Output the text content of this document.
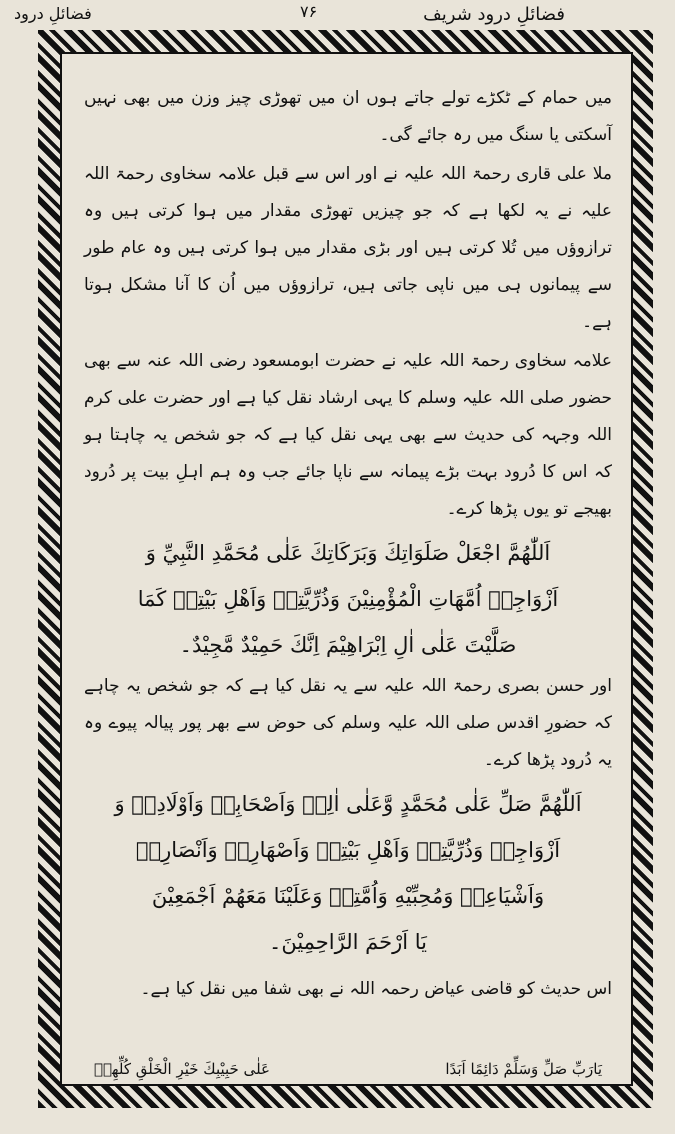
فضائلِ درود	۷۶	فضائلِ درود شریف

میں حمام کے ٹکڑے تولے جاتے ہوں ان میں تھوڑی چیز وزن میں بھی نہیں آسکتی یا سنگ میں رہ جائے گی۔

ملا علی قاری رحمۃ اللہ علیہ نے اور اس سے قبل علامہ سخاوی رحمۃ اللہ علیہ نے یہ لکھا ہے کہ جو چیزیں تھوڑی مقدار میں ہوا کرتی ہیں وہ ترازوؤں میں تُلا کرتی ہیں اور بڑی مقدار میں ہوا کرتی ہیں وہ عام طور سے پیمانوں ہی میں ناپی جاتی ہیں، ترازوؤں میں اُن کا آنا مشکل ہوتا ہے۔

علامہ سخاوی رحمۃ اللہ علیہ نے حضرت ابومسعود رضی اللہ عنہ سے بھی حضور صلی اللہ علیہ وسلم کا یہی ارشاد نقل کیا ہے اور حضرت علی کرم اللہ وجہہ کی حدیث سے بھی یہی نقل کیا ہے کہ جو شخص یہ چاہتا ہو کہ اس کا دُرود بہت بڑے پیمانہ سے ناپا جائے جب وہ ہم اہلِ بیت پر دُرود بھیجے تو یوں پڑھا کرے۔

اَللّٰهُمَّ اجْعَلْ صَلَوَاتِكَ وَبَرَكَاتِكَ عَلٰى مُحَمَّدِ النَّبِيِّ وَ

اَزْوَاجِهٖ اُمَّهَاتِ الْمُؤْمِنِيْنَ وَذُرِّيَّتِهٖ وَاَهْلِ بَيْتِهٖ كَمَا

صَلَّيْتَ عَلٰى اٰلِ اِبْرَاهِيْمَ اِنَّكَ حَمِيْدٌ مَّجِيْدٌ۔

اور حسن بصری رحمۃ اللہ علیہ سے یہ نقل کیا ہے کہ جو شخص یہ چاہے کہ حضورِ اقدس صلی اللہ علیہ وسلم کی حوض سے بھر پور پیالہ پیوے وہ یہ دُرود پڑھا کرے۔

اَللّٰهُمَّ صَلِّ عَلٰى مُحَمَّدٍ وَّعَلٰى اٰلِهٖ وَاَصْحَابِهٖ وَاَوْلَادِهٖ وَ

اَزْوَاجِهٖ وَذُرِّيَّتِهٖ وَاَهْلِ بَيْتِهٖ وَاَصْهَارِهٖ وَاَنْصَارِهٖ

وَاَشْيَاعِهٖ وَمُحِبِّيْهِ وَاُمَّتِهٖ وَعَلَيْنَا مَعَهُمْ اَجْمَعِيْنَ

يَا اَرْحَمَ الرَّاحِمِيْنَ۔

اس حدیث کو قاضی عیاض رحمہ اللہ نے بھی شفا میں نقل کیا ہے۔

یَارَبِّ صَلِّ وَسَلِّمْ دَائِمًا اَبَدًا
عَلٰى حَبِيْبِكَ خَيْرِ الْخَلْقِ كُلِّهِمٖ
